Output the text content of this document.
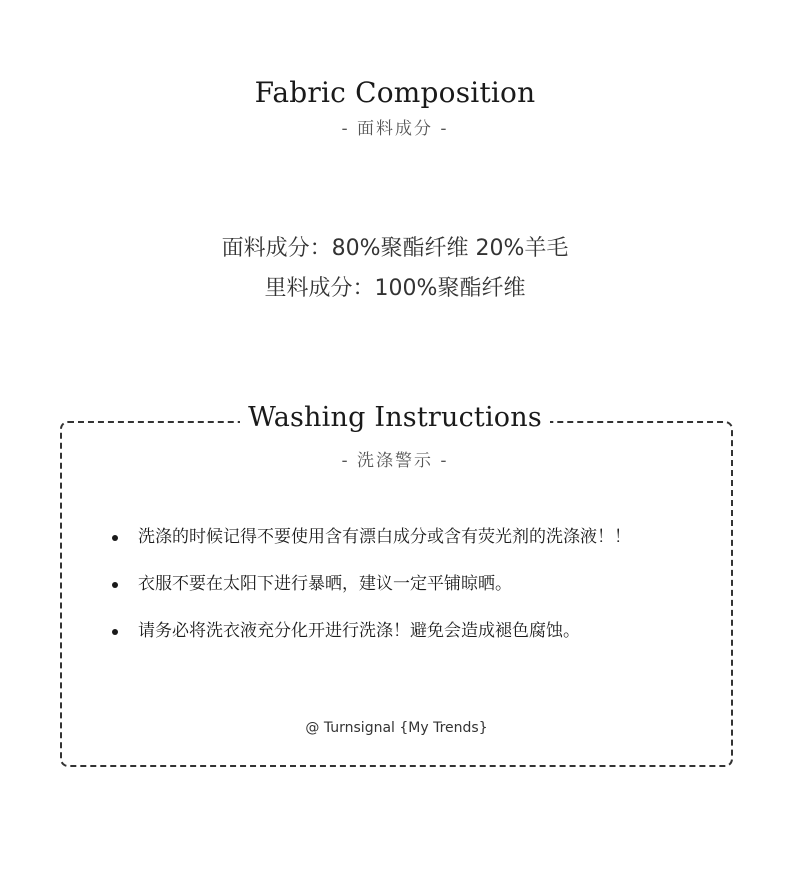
Fabric Composition
- 面料成分 -
面料成分：80%聚酯纤维 20%羊毛
里料成分：100%聚酯纤维
Washing Instructions
- 洗涤警示 -
洗涤的时候记得不要使用含有漂白成分或含有荧光剂的洗涤液！！
衣服不要在太阳下进行暴晒，建议一定平铺晾晒。
请务必将洗衣液充分化开进行洗涤！避免会造成褪色腐蚀。
@ Turnsignal {My Trends}
